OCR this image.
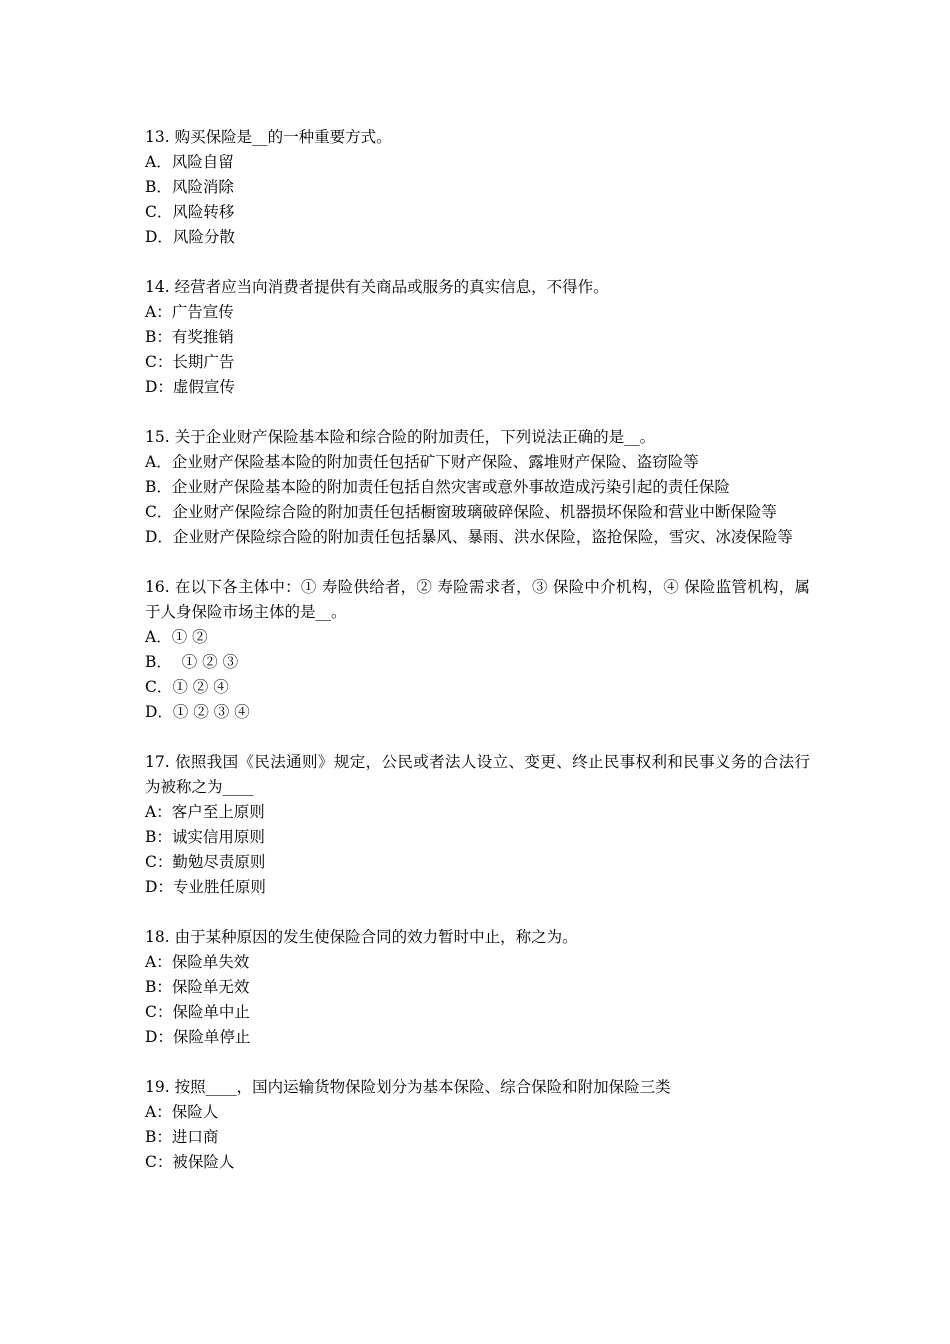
13. 购买保险是__的一种重要方式。

A．风险自留

B．风险消除

C．风险转移

D．风险分散

14. 经营者应当向消费者提供有关商品或服务的真实信息，不得作。

A：广告宣传

B：有奖推销

C：长期广告

D：虚假宣传

15. 关于企业财产保险基本险和综合险的附加责任，下列说法正确的是__。

A．企业财产保险基本险的附加责任包括矿下财产保险、露堆财产保险、盗窃险等

B．企业财产保险基本险的附加责任包括自然灾害或意外事故造成污染引起的责任保险

C．企业财产保险综合险的附加责任包括橱窗玻璃破碎保险、机器损坏保险和营业中断保险等

D．企业财产保险综合险的附加责任包括暴风、暴雨、洪水保险，盗抢保险，雪灾、冰凌保险等

16. 在以下各主体中：① 寿险供给者，② 寿险需求者，③ 保险中介机构，④ 保险监管机构，属于人身保险市场主体的是__。

A．① ②

B．  ① ② ③

C．① ② ④

D．① ② ③ ④

17. 依照我国《民法通则》规定，公民或者法人设立、变更、终止民事权利和民事义务的合法行为被称之为____

A：客户至上原则

B：诚实信用原则

C：勤勉尽责原则

D：专业胜任原则

18. 由于某种原因的发生使保险合同的效力暂时中止，称之为。

A：保险单失效

B：保险单无效

C：保险单中止

D：保险单停止

19. 按照____，国内运输货物保险划分为基本保险、综合保险和附加保险三类

A：保险人

B：进口商

C：被保险人
